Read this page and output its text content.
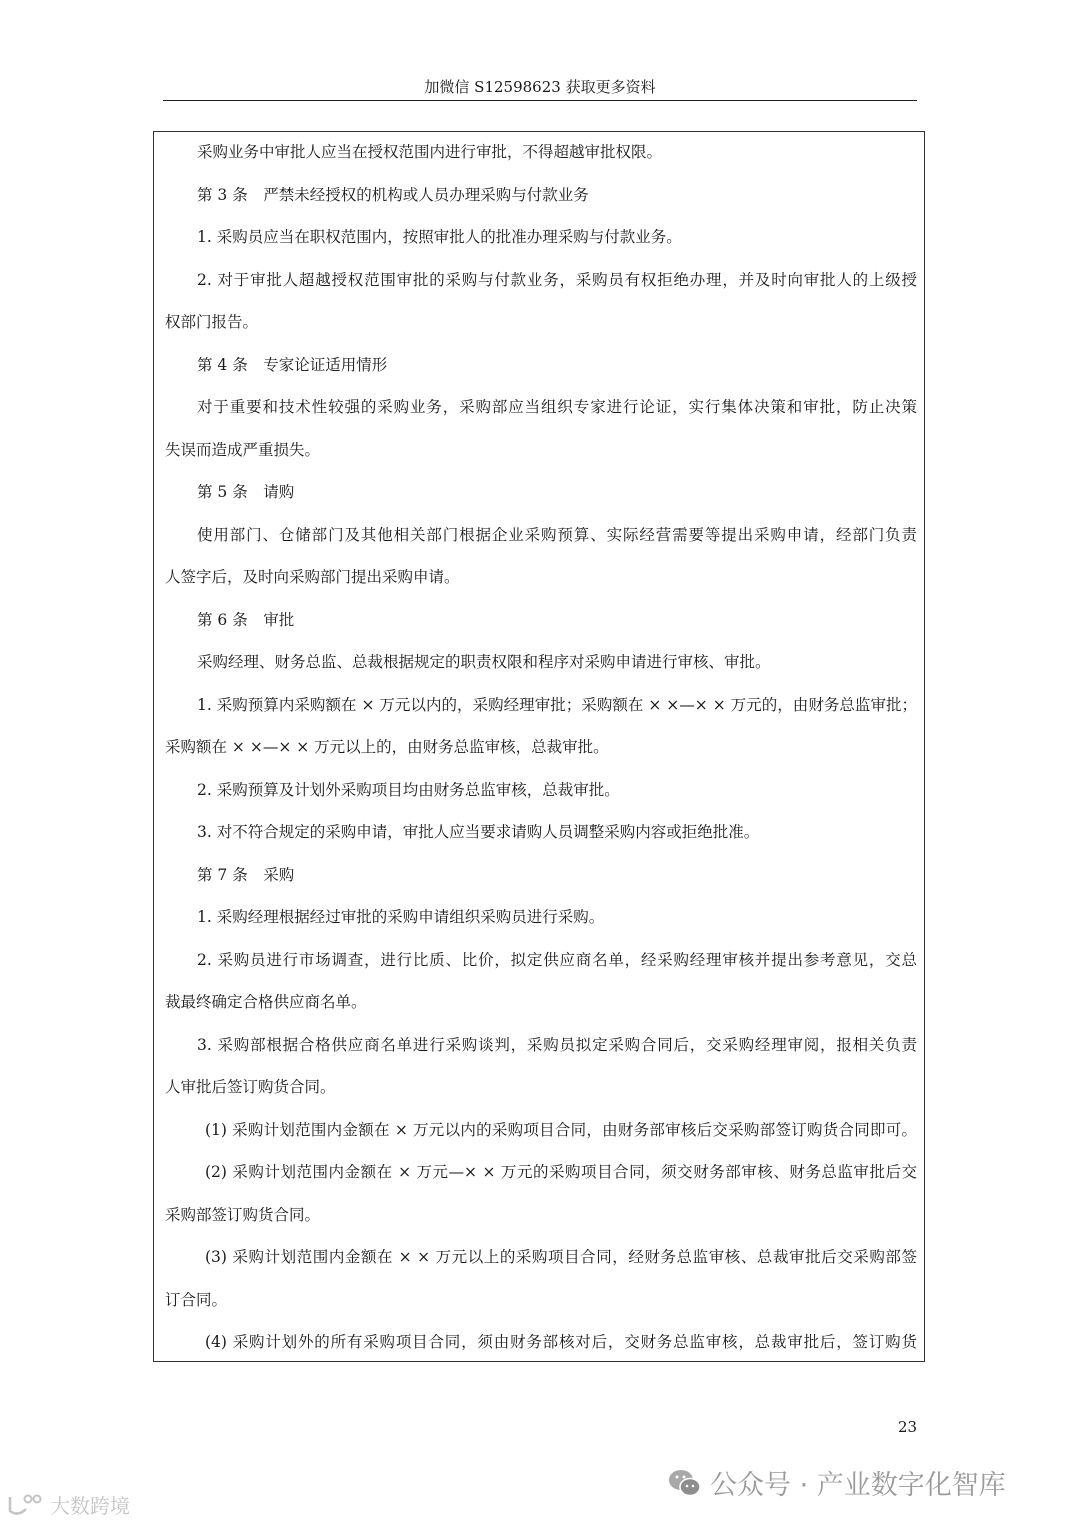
加微信 S12598623 获取更多资料
采购业务中审批人应当在授权范围内进行审批，不得超越审批权限。
第 3 条　严禁未经授权的机构或人员办理采购与付款业务
1. 采购员应当在职权范围内，按照审批人的批准办理采购与付款业务。
2. 对于审批人超越授权范围审批的采购与付款业务，采购员有权拒绝办理，并及时向审批人的上级授
权部门报告。
第 4 条　专家论证适用情形
对于重要和技术性较强的采购业务，采购部应当组织专家进行论证，实行集体决策和审批，防止决策
失误而造成严重损失。
第 5 条　请购
使用部门、仓储部门及其他相关部门根据企业采购预算、实际经营需要等提出采购申请，经部门负责
人签字后，及时向采购部门提出采购申请。
第 6 条　审批
采购经理、财务总监、总裁根据规定的职责权限和程序对采购申请进行审核、审批。
1. 采购预算内采购额在 × 万元以内的，采购经理审批；采购额在 × ×—× × 万元的，由财务总监审批；
采购额在 × ×—× × 万元以上的，由财务总监审核，总裁审批。
2. 采购预算及计划外采购项目均由财务总监审核，总裁审批。
3. 对不符合规定的采购申请，审批人应当要求请购人员调整采购内容或拒绝批准。
第 7 条　采购
1. 采购经理根据经过审批的采购申请组织采购员进行采购。
2. 采购员进行市场调查，进行比质、比价，拟定供应商名单，经采购经理审核并提出参考意见，交总
裁最终确定合格供应商名单。
3. 采购部根据合格供应商名单进行采购谈判，采购员拟定采购合同后，交采购经理审阅，报相关负责
人审批后签订购货合同。
(1) 采购计划范围内金额在 × 万元以内的采购项目合同，由财务部审核后交采购部签订购货合同即可。
(2) 采购计划范围内金额在 × 万元—× × 万元的采购项目合同，须交财务部审核、财务总监审批后交
采购部签订购货合同。
(3) 采购计划范围内金额在 × × 万元以上的采购项目合同，经财务总监审核、总裁审批后交采购部签
订合同。
(4) 采购计划外的所有采购项目合同，须由财务部核对后，交财务总监审核，总裁审批后，签订购货
23
公众号 · 产业数字化智库
大数跨境
